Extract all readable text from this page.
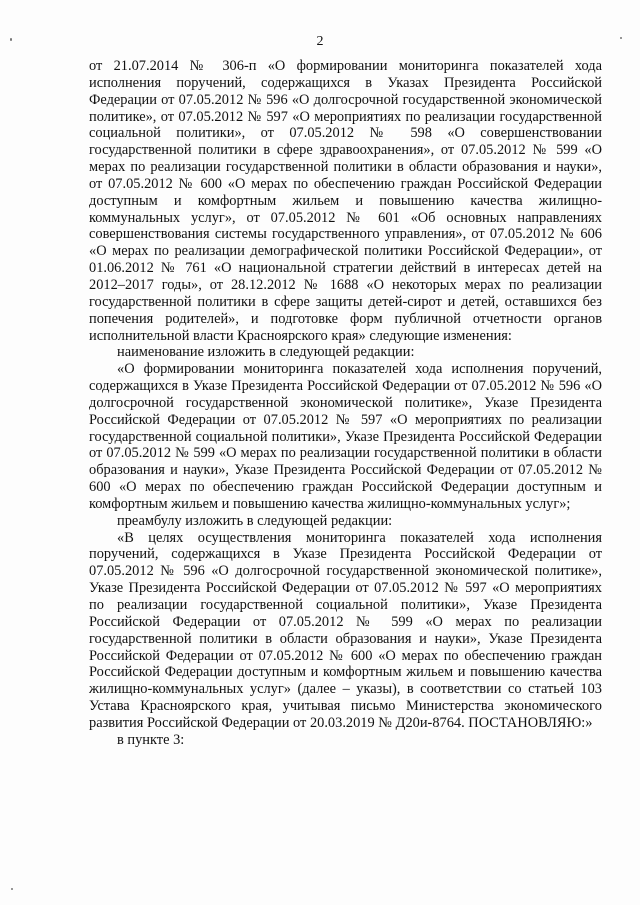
2

от 21.07.2014 № 306-п «О формировании мониторинга показателей хода исполнения поручений, содержащихся в Указах Президента Российской Федерации от 07.05.2012 № 596 «О долгосрочной государственной экономической политике», от 07.05.2012 № 597 «О мероприятиях по реализации государственной социальной политики», от 07.05.2012 № 598 «О совершенствовании государственной политики в сфере здравоохранения», от 07.05.2012 № 599 «О мерах по реализации государственной политики в области образования и науки», от 07.05.2012 № 600 «О мерах по обеспечению граждан Российской Федерации доступным и комфортным жильем и повышению качества жилищно-коммунальных услуг», от 07.05.2012 № 601 «Об основных направлениях совершенствования системы государственного управления», от 07.05.2012 № 606 «О мерах по реализации демографической политики Российской Федерации», от 01.06.2012 № 761 «О национальной стратегии действий в интересах детей на 2012–2017 годы», от 28.12.2012 № 1688 «О некоторых мерах по реализации государственной политики в сфере защиты детей-сирот и детей, оставшихся без попечения родителей», и подготовке форм публичной отчетности органов исполнительной власти Красноярского края» следующие изменения:

наименование изложить в следующей редакции:

«О формировании мониторинга показателей хода исполнения поручений, содержащихся в Указе Президента Российской Федерации от 07.05.2012 № 596 «О долгосрочной государственной экономической политике», Указе Президента Российской Федерации от 07.05.2012 № 597 «О мероприятиях по реализации государственной социальной политики», Указе Президента Российской Федерации от 07.05.2012 № 599 «О мерах по реализации государственной политики в области образования и науки», Указе Президента Российской Федерации от 07.05.2012 № 600 «О мерах по обеспечению граждан Российской Федерации доступным и комфортным жильем и повышению качества жилищно-коммунальных услуг»;

преамбулу изложить в следующей редакции:

«В целях осуществления мониторинга показателей хода исполнения поручений, содержащихся в Указе Президента Российской Федерации от 07.05.2012 № 596 «О долгосрочной государственной экономической политике», Указе Президента Российской Федерации от 07.05.2012 № 597 «О мероприятиях по реализации государственной социальной политики», Указе Президента Российской Федерации от 07.05.2012 № 599 «О мерах по реализации государственной политики в области образования и науки», Указе Президента Российской Федерации от 07.05.2012 № 600 «О мерах по обеспечению граждан Российской Федерации доступным и комфортным жильем и повышению качества жилищно-коммунальных услуг» (далее – указы), в соответствии со статьей 103 Устава Красноярского края, учитывая письмо Министерства экономического развития Российской Федерации от 20.03.2019 № Д20и-8764. ПОСТАНОВЛЯЮ:»

в пункте 3:
